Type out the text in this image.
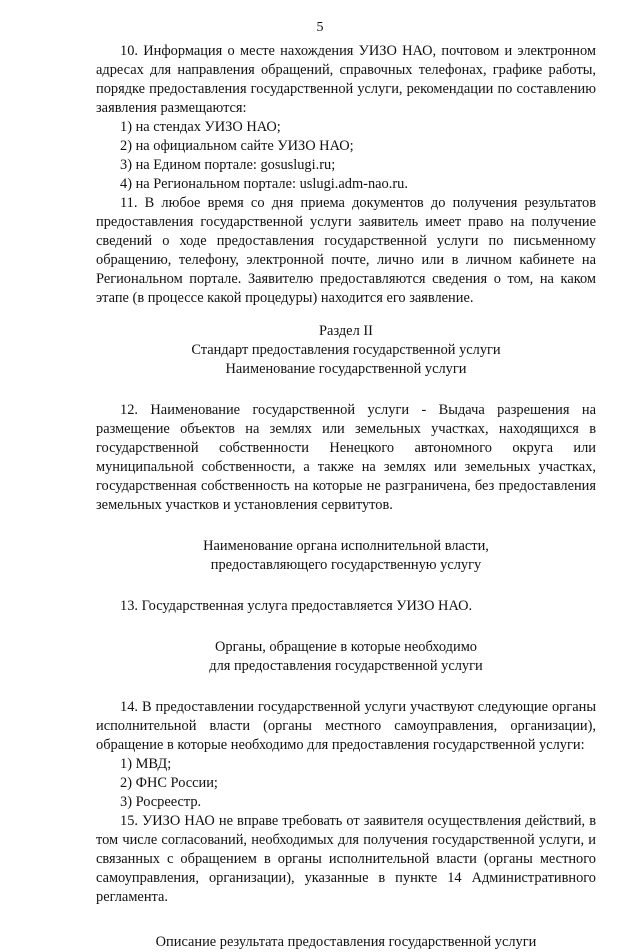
5

10. Информация о месте нахождения УИЗО НАО, почтовом и электронном адресах для направления обращений, справочных телефонах, графике работы, порядке предоставления государственной услуги, рекомендации по составлению заявления размещаются:

1) на стендах УИЗО НАО;

2) на официальном сайте УИЗО НАО;

3) на Едином портале: gosuslugi.ru;

4) на Региональном портале: uslugi.adm-nao.ru.

11. В любое время со дня приема документов до получения результатов предоставления государственной услуги заявитель имеет право на получение сведений о ходе предоставления государственной услуги по письменному обращению, телефону, электронной почте, лично или в личном кабинете на Региональном портале. Заявителю предоставляются сведения о том, на каком этапе (в процессе какой процедуры) находится его заявление.

Раздел II

Стандарт предоставления государственной услуги

Наименование государственной услуги

12. Наименование государственной услуги - Выдача разрешения на размещение объектов на землях или земельных участках, находящихся в государственной собственности Ненецкого автономного округа или муниципальной собственности, а также на землях или земельных участках, государственная собственность на которые не разграничена, без предоставления земельных участков и установления сервитутов.

Наименование органа исполнительной власти,

предоставляющего государственную услугу

13. Государственная услуга предоставляется УИЗО НАО.

Органы, обращение в которые необходимо

для предоставления государственной услуги

14. В предоставлении государственной услуги участвуют следующие органы исполнительной власти (органы местного самоуправления, организации), обращение в которые необходимо для предоставления государственной услуги:

1) МВД;

2) ФНС России;

3) Росреестр.

15. УИЗО НАО не вправе требовать от заявителя осуществления действий, в том числе согласований, необходимых для получения государственной услуги, и связанных с обращением в органы исполнительной власти (органы местного самоуправления, организации), указанные в пункте 14 Административного регламента.

Описание результата предоставления государственной услуги
